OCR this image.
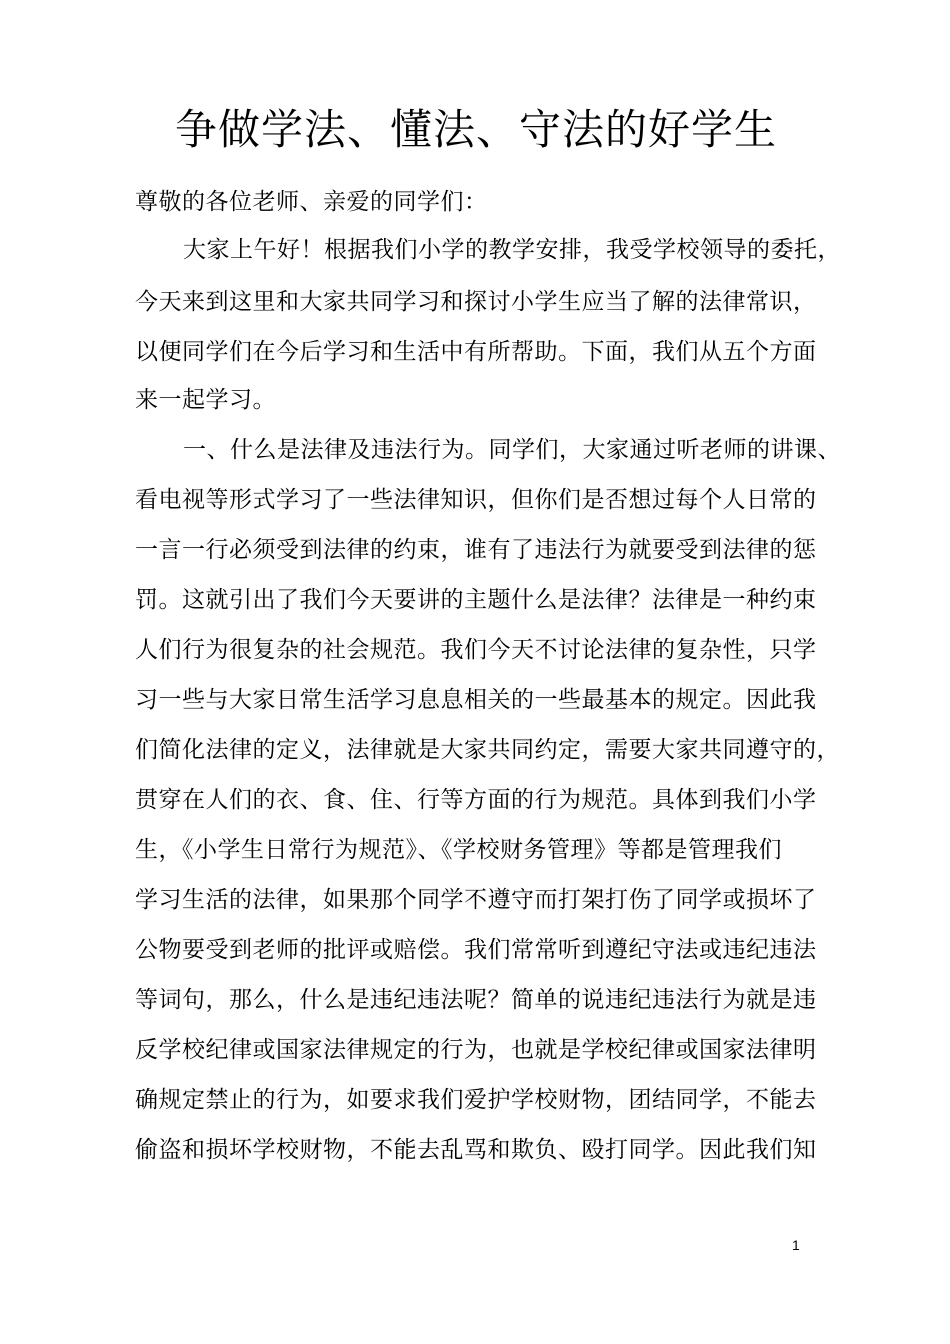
争做学法、懂法、守法的好学生
尊敬的各位老师、亲爱的同学们：
大家上午好！根据我们小学的教学安排，我受学校领导的委托，
今天来到这里和大家共同学习和探讨小学生应当了解的法律常识，
以便同学们在今后学习和生活中有所帮助。下面，我们从五个方面
来一起学习。
一、什么是法律及违法行为。同学们，大家通过听老师的讲课、
看电视等形式学习了一些法律知识，但你们是否想过每个人日常的
一言一行必须受到法律的约束，谁有了违法行为就要受到法律的惩
罚。这就引出了我们今天要讲的主题什么是法律？法律是一种约束
人们行为很复杂的社会规范。我们今天不讨论法律的复杂性，只学
习一些与大家日常生活学习息息相关的一些最基本的规定。因此我
们简化法律的定义，法律就是大家共同约定，需要大家共同遵守的，
贯穿在人们的衣、食、住、行等方面的行为规范。具体到我们小学
生，《小学生日常行为规范》、《学校财务管理》等都是管理我们
学习生活的法律，如果那个同学不遵守而打架打伤了同学或损坏了
公物要受到老师的批评或赔偿。我们常常听到遵纪守法或违纪违法
等词句，那么，什么是违纪违法呢？简单的说违纪违法行为就是违
反学校纪律或国家法律规定的行为，也就是学校纪律或国家法律明
确规定禁止的行为，如要求我们爱护学校财物，团结同学，不能去
偷盗和损坏学校财物，不能去乱骂和欺负、殴打同学。因此我们知
1
